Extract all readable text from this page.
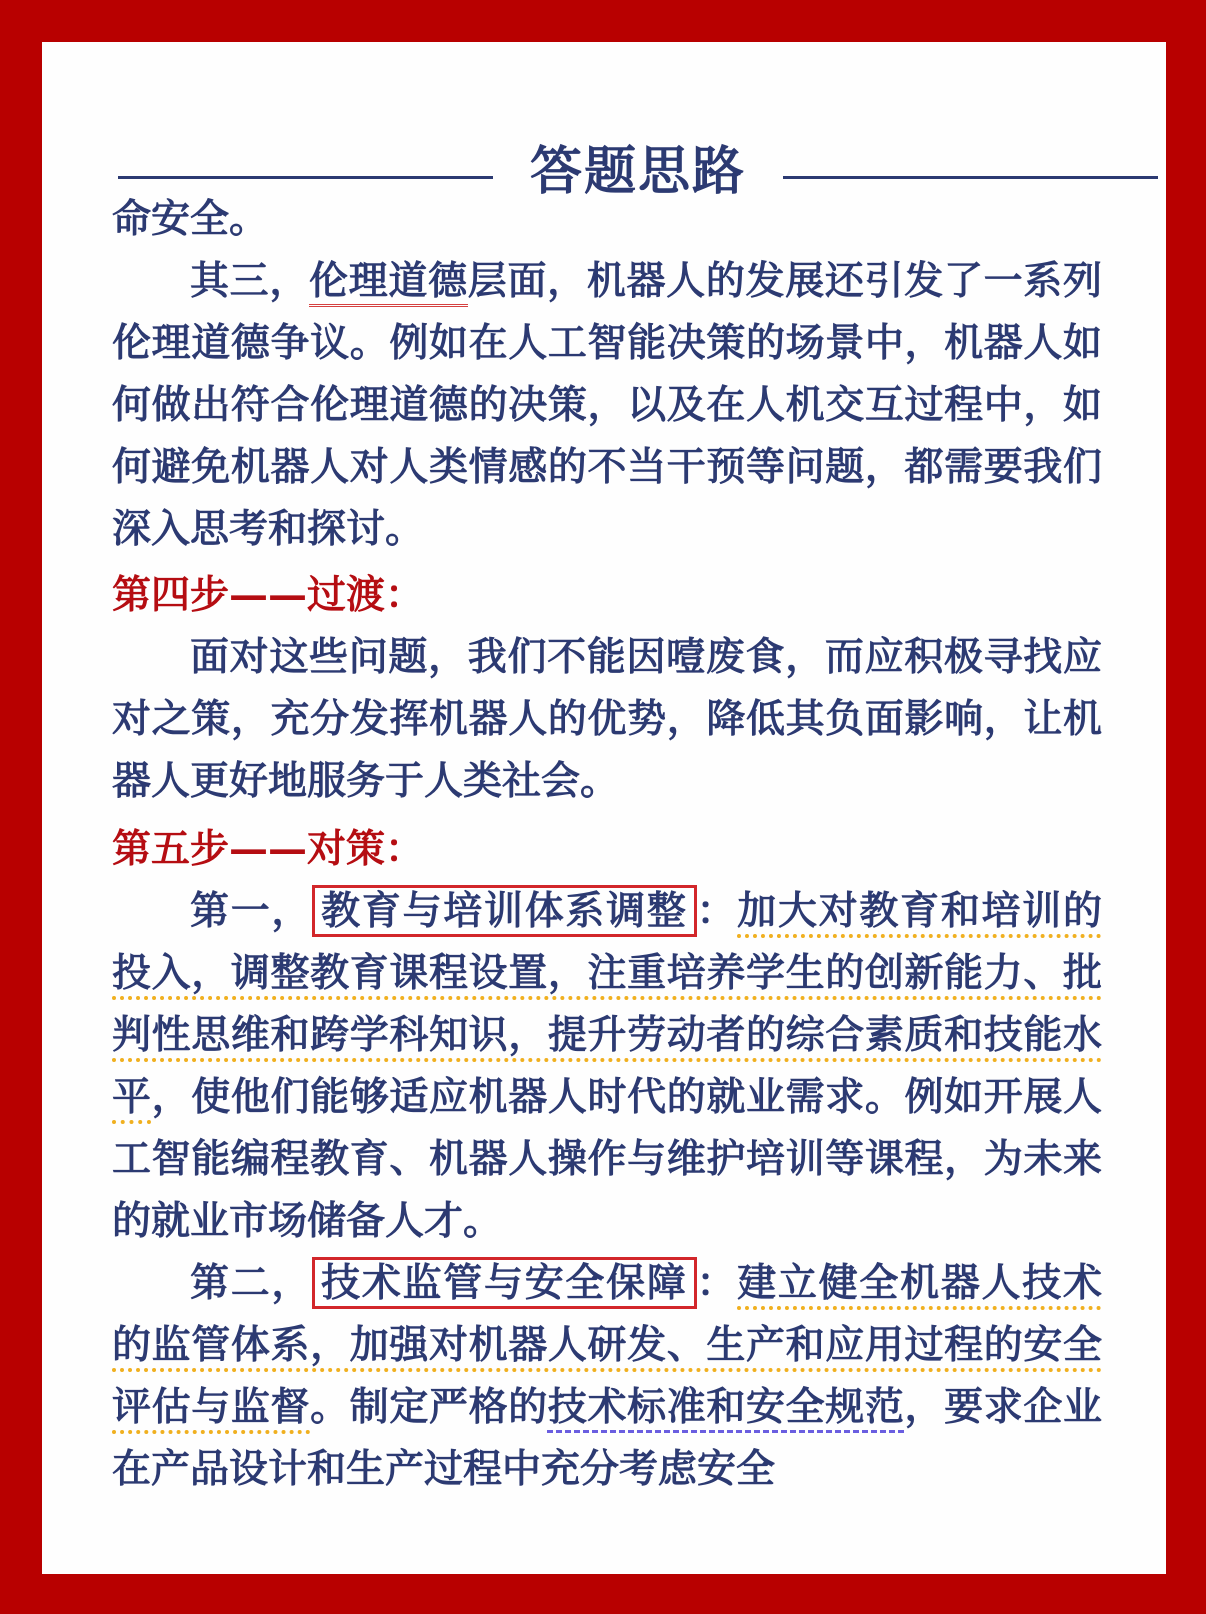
答题思路

命安全。

其三，伦理道德层面，机器人的发展还引发了一系列伦理道德争议。例如在人工智能决策的场景中，机器人如何做出符合伦理道德的决策，以及在人机交互过程中，如何避免机器人对人类情感的不当干预等问题，都需要我们深入思考和探讨。

第四步——过渡：

面对这些问题，我们不能因噎废食，而应积极寻找应对之策，充分发挥机器人的优势，降低其负面影响，让机器人更好地服务于人类社会。

第五步——对策：

第一， 教育与培训体系调整 ：加大对教育和培训的投入，调整教育课程设置，注重培养学生的创新能力、批判性思维和跨学科知识，提升劳动者的综合素质和技能水平，使他们能够适应机器人时代的就业需求。例如开展人工智能编程教育、机器人操作与维护培训等课程，为未来的就业市场储备人才。

第二， 技术监管与安全保障 ：建立健全机器人技术的监管体系，加强对机器人研发、生产和应用过程的安全评估与监督。制定严格的技术标准和安全规范，要求企业在产品设计和生产过程中充分考虑安全
